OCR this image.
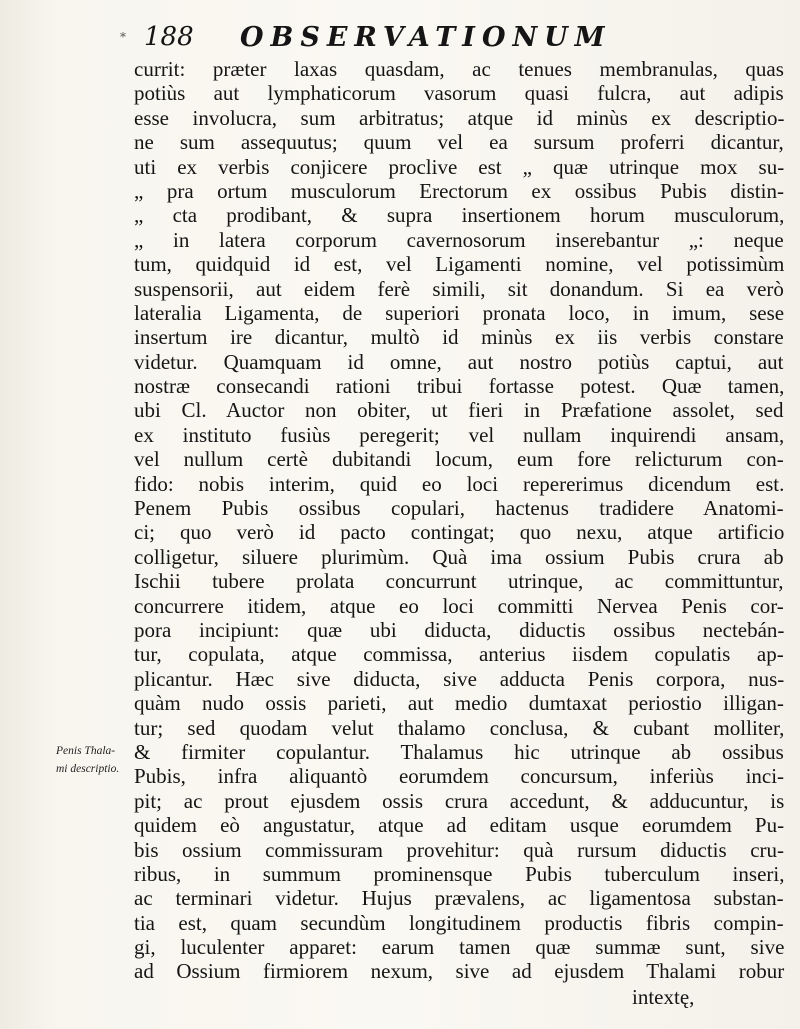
* 188 OBSERVATIONUM
currit: præter laxas quasdam, ac tenues membranulas, quas
potiùs aut lymphaticorum vasorum quasi fulcra, aut adipis
esse involucra, sum arbitratus; atque id minùs ex descriptio-
ne sum assequutus; quum vel ea sursum proferri dicantur,
uti ex verbis conjicere proclive est „ quæ utrinque mox su-
„ pra ortum musculorum Erectorum ex ossibus Pubis distin-
„ cta prodibant, & supra insertionem horum musculorum,
„ in latera corporum cavernosorum inserebantur „: neque
tum, quidquid id est, vel Ligamenti nomine, vel potissimùm
suspensorii, aut eidem ferè simili, sit donandum. Si ea verò
lateralia Ligamenta, de superiori pronata loco, in imum, sese
insertum ire dicantur, multò id minùs ex iis verbis constare
videtur. Quamquam id omne, aut nostro potiùs captui, aut
nostræ consecandi rationi tribui fortasse potest. Quæ tamen,
ubi Cl. Auctor non obiter, ut fieri in Præfatione assolet, sed
ex instituto fusiùs peregerit; vel nullam inquirendi ansam,
vel nullum certè dubitandi locum, eum fore relicturum con-
fido: nobis interim, quid eo loci repererimus dicendum est.
Penem Pubis ossibus copulari, hactenus tradidere Anatomi-
ci; quo verò id pacto contingat; quo nexu, atque artificio
colligetur, siluere plurimùm. Quà ima ossium Pubis crura ab
Ischii tubere prolata concurrunt utrinque, ac committuntur,
concurrere itidem, atque eo loci committi Nervea Penis cor-
pora incipiunt: quæ ubi diducta, diductis ossibus nectebán-
tur, copulata, atque commissa, anterius iisdem copulatis ap-
plicantur. Hæc sive diducta, sive adducta Penis corpora, nus-
quàm nudo ossis parieti, aut medio dumtaxat periostio illigan-
tur; sed quodam velut thalamo conclusa, & cubant molliter,
& firmiter copulantur. Thalamus hic utrinque ab ossibus
Pubis, infra aliquantò eorumdem concursum, inferiùs inci-
pit; ac prout ejusdem ossis crura accedunt, & adducuntur, is
quidem eò angustatur, atque ad editam usque eorumdem Pu-
bis ossium commissuram provehitur: quà rursum diductis cru-
ribus, in summum prominensque Pubis tuberculum inseri,
ac terminari videtur. Hujus prævalens, ac ligamentosa substan-
tia est, quam secundùm longitudinem productis fibris compin-
gi, luculenter apparet: earum tamen quæ summæ sunt, sive
ad Ossium firmiorem nexum, sive ad ejusdem Thalami robur
Penis Thala-
mi descriptio.
intextę,
